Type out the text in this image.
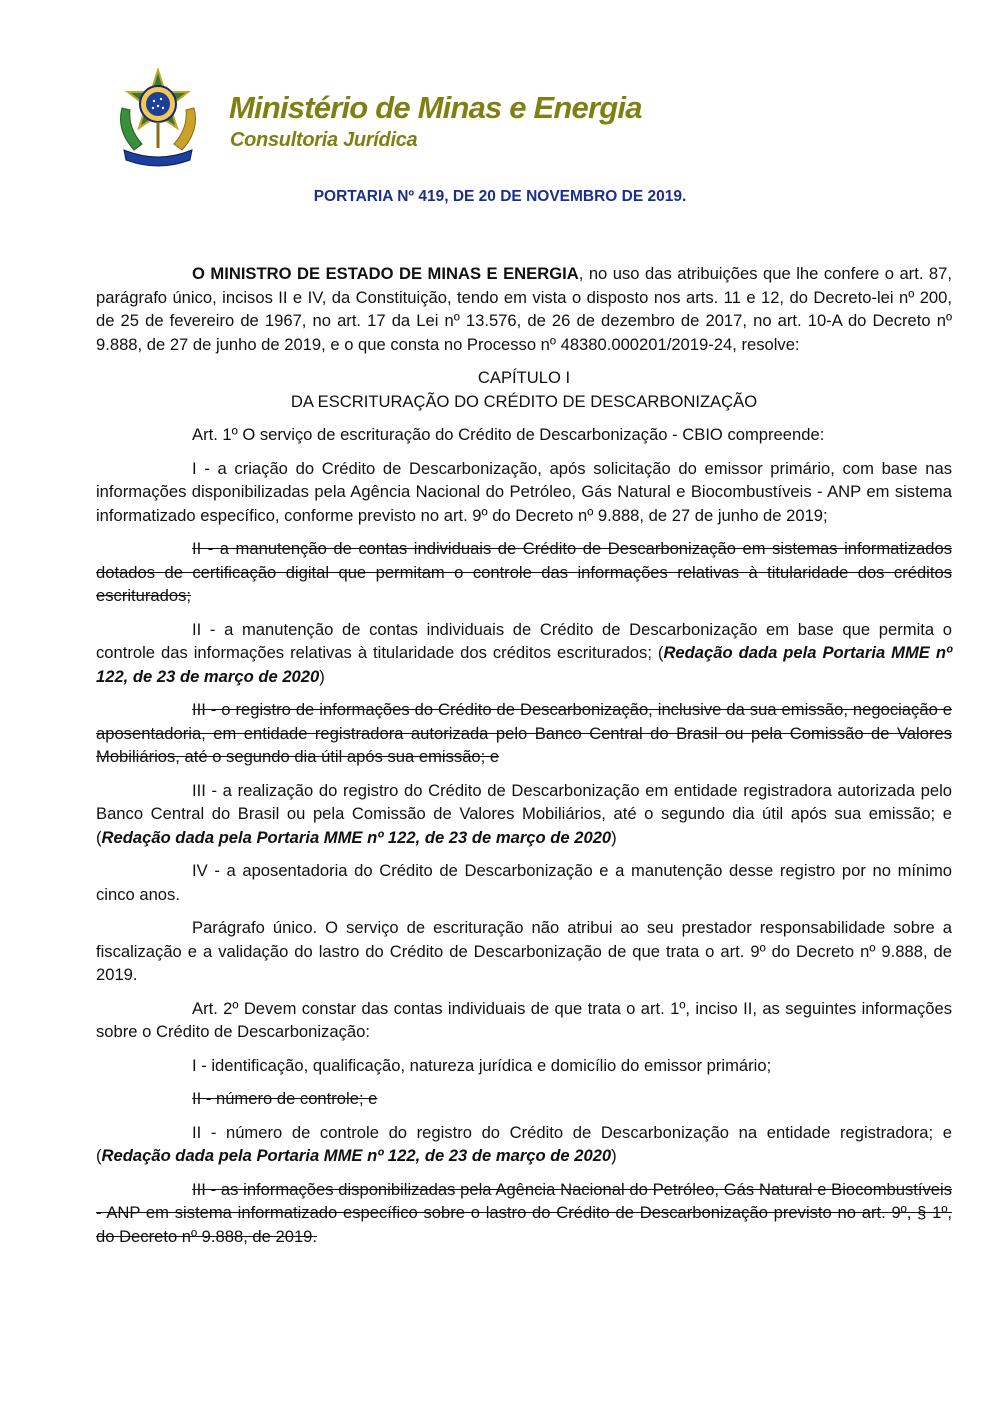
Ministério de Minas e Energia
Consultoria Jurídica
PORTARIA Nº 419, DE 20 DE NOVEMBRO DE 2019.

O MINISTRO DE ESTADO DE MINAS E ENERGIA, no uso das atribuições que lhe confere o art. 87, parágrafo único, incisos II e IV, da Constituição, tendo em vista o disposto nos arts. 11 e 12, do Decreto-lei nº 200, de 25 de fevereiro de 1967, no art. 17 da Lei nº 13.576, de 26 de dezembro de 2017, no art. 10-A do Decreto nº 9.888, de 27 de junho de 2019, e o que consta no Processo nº 48380.000201/2019-24, resolve:

CAPÍTULO I

DA ESCRITURAÇÃO DO CRÉDITO DE DESCARBONIZAÇÃO

Art. 1º O serviço de escrituração do Crédito de Descarbonização - CBIO compreende:

I - a criação do Crédito de Descarbonização, após solicitação do emissor primário, com base nas informações disponibilizadas pela Agência Nacional do Petróleo, Gás Natural e Biocombustíveis - ANP em sistema informatizado específico, conforme previsto no art. 9º do Decreto nº 9.888, de 27 de junho de 2019;

II - a manutenção de contas individuais de Crédito de Descarbonização em sistemas informatizados dotados de certificação digital que permitam o controle das informações relativas à titularidade dos créditos escriturados;

II - a manutenção de contas individuais de Crédito de Descarbonização em base que permita o controle das informações relativas à titularidade dos créditos escriturados; (Redação dada pela Portaria MME nº 122, de 23 de março de 2020)

III - o registro de informações do Crédito de Descarbonização, inclusive da sua emissão, negociação e aposentadoria, em entidade registradora autorizada pelo Banco Central do Brasil ou pela Comissão de Valores Mobiliários, até o segundo dia útil após sua emissão; e

III - a realização do registro do Crédito de Descarbonização em entidade registradora autorizada pelo Banco Central do Brasil ou pela Comissão de Valores Mobiliários, até o segundo dia útil após sua emissão; e (Redação dada pela Portaria MME nº 122, de 23 de março de 2020)

IV - a aposentadoria do Crédito de Descarbonização e a manutenção desse registro por no mínimo cinco anos.

Parágrafo único. O serviço de escrituração não atribui ao seu prestador responsabilidade sobre a fiscalização e a validação do lastro do Crédito de Descarbonização de que trata o art. 9º do Decreto nº 9.888, de 2019.

Art. 2º Devem constar das contas individuais de que trata o art. 1º, inciso II, as seguintes informações sobre o Crédito de Descarbonização:

I - identificação, qualificação, natureza jurídica e domicílio do emissor primário;

II - número de controle; e

II - número de controle do registro do Crédito de Descarbonização na entidade registradora; e (Redação dada pela Portaria MME nº 122, de 23 de março de 2020)

III - as informações disponibilizadas pela Agência Nacional do Petróleo, Gás Natural e Biocombustíveis - ANP em sistema informatizado específico sobre o lastro do Crédito de Descarbonização previsto no art. 9º, § 1º, do Decreto nº 9.888, de 2019.
